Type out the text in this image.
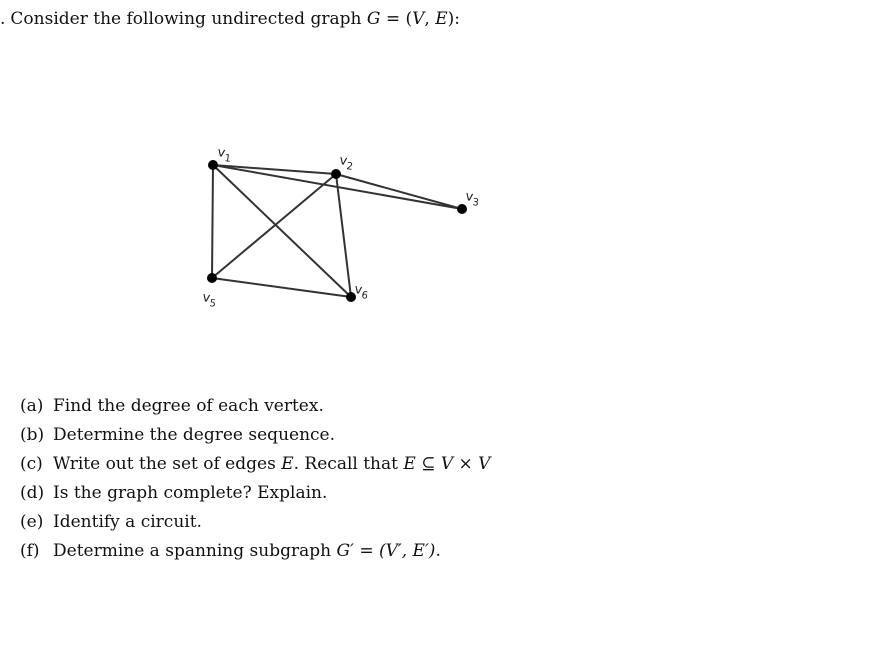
. Consider the following undirected graph G = (V, E):
$v_1$	$v_2$
$v_3$
$v_5$
$v_6$
(a) Find the degree of each vertex.
(b) Determine the degree sequence.
(c) Write out the set of edges E. Recall that E ⊆ V × V
(d) Is the graph complete? Explain.
(e) Identify a circuit.
(f) Determine a spanning subgraph G′ = (V′, E′).
